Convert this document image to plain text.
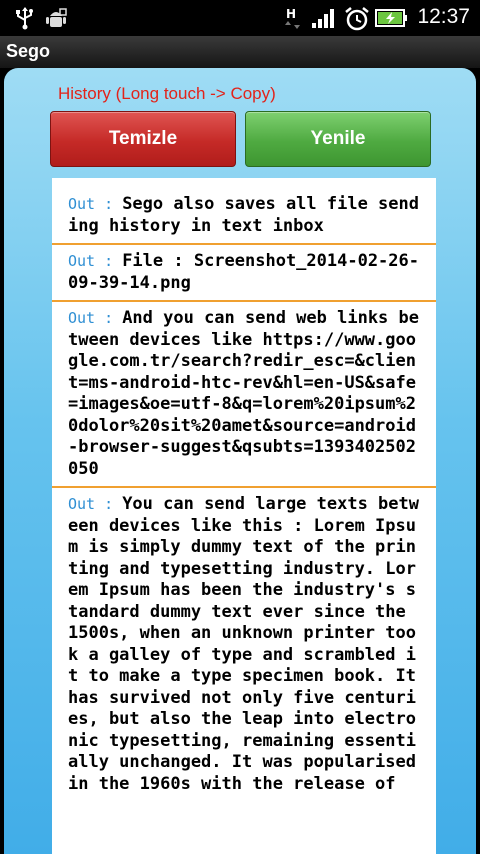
H	12:37
Sego
History (Long touch -> Copy)
Temizle	Yenile
Out : Sego also saves all file sending history in text inbox
Out : File : Screenshot_2014-02-26-09-39-14.png
Out : And you can send web links between devices like https://www.google.com.tr/search?redir_esc=&client=ms-android-htc-rev&hl=en-US&safe=images&oe=utf-8&q=lorem%20ipsum%20dolor%20sit%20amet&source=android-browser-suggest&qsubts=1393402502050
Out : You can send large texts between devices like this : Lorem Ipsum is simply dummy text of the printing and typesetting industry. Lorem Ipsum has been the industry's standard dummy text ever since the 1500s, when an unknown printer took a galley of type and scrambled it to make a type specimen book. It has survived not only five centuries, but also the leap into electronic typesetting, remaining essentially unchanged. It was popularised in the 1960s with the release of
